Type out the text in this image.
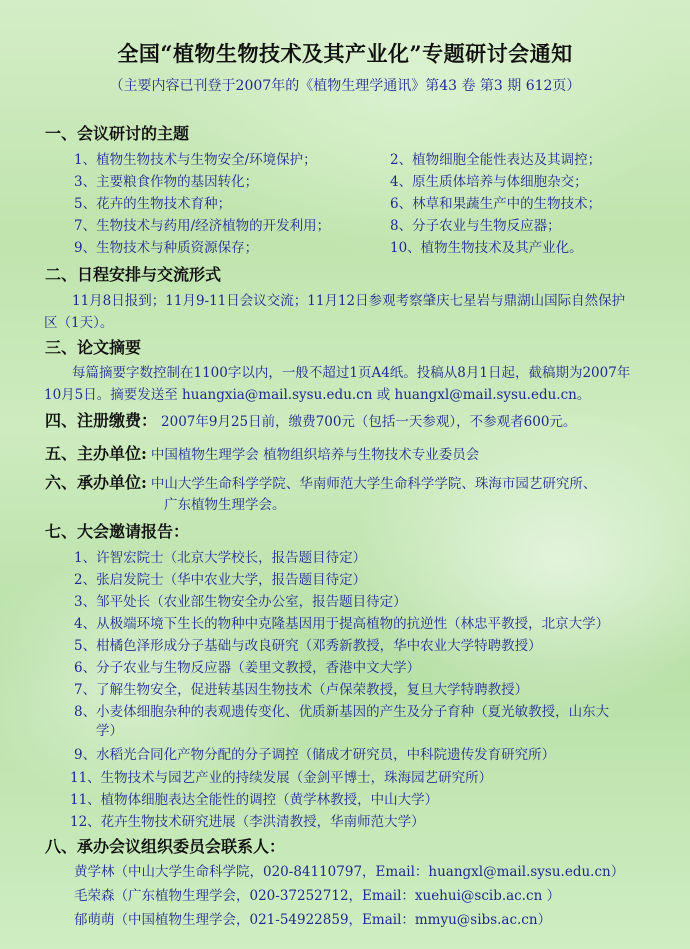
全国“植物生物技术及其产业化”专题研讨会通知
（主要内容已刊登于2007年的《植物生理学通讯》第43 卷 第3 期 612页）
一、会议研讨的主题
1、植物生物技术与生物安全/环境保护；	2、植物细胞全能性表达及其调控；
3、主要粮食作物的基因转化；	4、原生质体培养与体细胞杂交；
5、花卉的生物技术育种；	6、林草和果蔬生产中的生物技术；
7、生物技术与药用/经济植物的开发利用；	8、分子农业与生物反应器；
9、生物技术与种质资源保存；	10、植物生物技术及其产业化。
二、日程安排与交流形式
11月8日报到；11月9-11日会议交流；11月12日参观考察肇庆七星岩与鼎湖山国际自然保护
区（1天）。
三、论文摘要
每篇摘要字数控制在1100字以内，一般不超过1页A4纸。投稿从8月1日起，截稿期为2007年
10月5日。摘要发送至 huangxia@mail.sysu.edu.cn 或 huangxl@mail.sysu.edu.cn。
四、注册缴费： 2007年9月25日前，缴费700元（包括一天参观），不参观者600元。
五、主办单位: 中国植物生理学会 植物组织培养与生物技术专业委员会
六、承办单位: 中山大学生命科学学院、华南师范大学生命科学学院、珠海市园艺研究所、
广东植物生理学会。
七、大会邀请报告：
1、许智宏院士（北京大学校长，报告题目待定）
2、张启发院士（华中农业大学，报告题目待定）
3、邹平处长（农业部生物安全办公室，报告题目待定）
4、从极端环境下生长的物种中克隆基因用于提高植物的抗逆性（林忠平教授，北京大学）
5、柑橘色泽形成分子基础与改良研究（邓秀新教授，华中农业大学特聘教授）
6、分子农业与生物反应器（姜里文教授，香港中文大学）
7、了解生物安全，促进转基因生物技术（卢保荣教授，复旦大学特聘教授）
8、小麦体细胞杂种的表观遗传变化、优质新基因的产生及分子育种（夏光敏教授，山东大
学）
9、水稻光合同化产物分配的分子调控（储成才研究员，中科院遗传发育研究所）
11、生物技术与园艺产业的持续发展（金剑平博士，珠海园艺研究所）
11、植物体细胞表达全能性的调控（黄学林教授，中山大学）
12、花卉生物技术研究进展（李洪清教授，华南师范大学）
八、承办会议组织委员会联系人：
黄学林（中山大学生命科学院，020-84110797，Email：huangxl@mail.sysu.edu.cn）
毛荣森（广东植物生理学会，020-37252712，Email：xuehui@scib.ac.cn ）
郁萌萌（中国植物生理学会，021-54922859，Email：mmyu@sibs.ac.cn）
